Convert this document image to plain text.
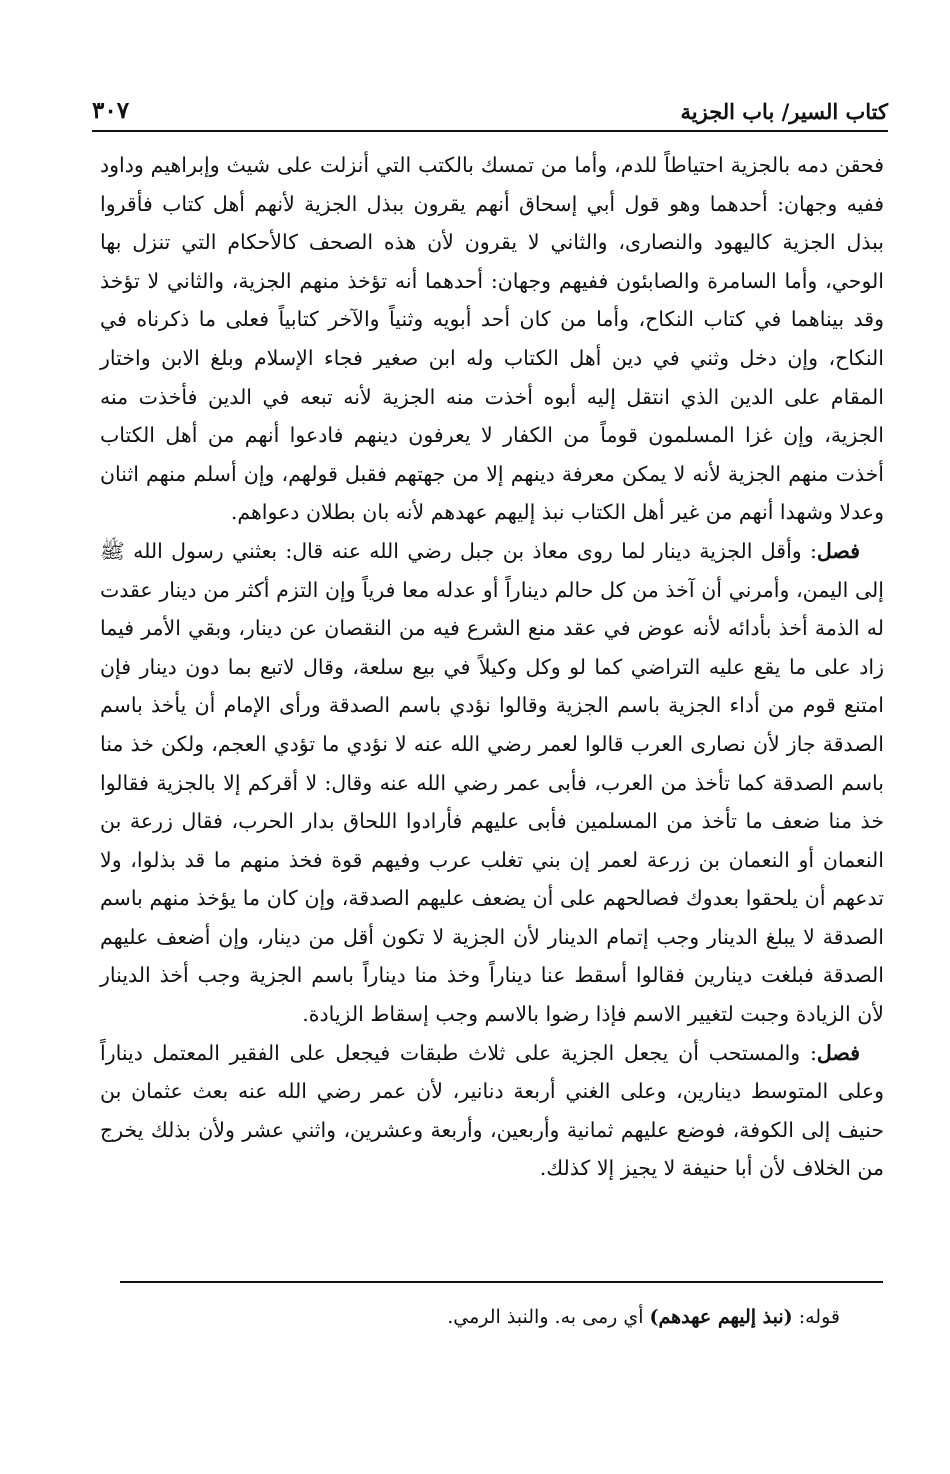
كتاب السير/ باب الجزية
٣٠٧

فحقن دمه بالجزية احتياطاً للدم، وأما من تمسك بالكتب التي أنزلت على شيث وإبراهيم وداود ففيه وجهان: أحدهما وهو قول أبي إسحاق أنهم يقرون ببذل الجزية لأنهم أهل كتاب فأقروا ببذل الجزية كاليهود والنصارى، والثاني لا يقرون لأن هذه الصحف كالأحكام التي تنزل بها الوحي، وأما السامرة والصابئون ففيهم وجهان: أحدهما أنه تؤخذ منهم الجزية، والثاني لا تؤخذ وقد بيناهما في كتاب النكاح، وأما من كان أحد أبويه وثنياً والآخر كتابياً فعلى ما ذكرناه في النكاح، وإن دخل وثني في دين أهل الكتاب وله ابن صغير فجاء الإسلام وبلغ الابن واختار المقام على الدين الذي انتقل إليه أبوه أخذت منه الجزية لأنه تبعه في الدين فأخذت منه الجزية، وإن غزا المسلمون قوماً من الكفار لا يعرفون دينهم فادعوا أنهم من أهل الكتاب أخذت منهم الجزية لأنه لا يمكن معرفة دينهم إلا من جهتهم فقبل قولهم، وإن أسلم منهم اثنان وعدلا وشهدا أنهم من غير أهل الكتاب نبذ إليهم عهدهم لأنه بان بطلان دعواهم.

فصل: وأقل الجزية دينار لما روى معاذ بن جبل رضي الله عنه قال: بعثني رسول الله ﷺ إلى اليمن، وأمرني أن آخذ من كل حالم ديناراً أو عدله معا فرياً وإن التزم أكثر من دينار عقدت له الذمة أخذ بأدائه لأنه عوض في عقد منع الشرع فيه من النقصان عن دينار، وبقي الأمر فيما زاد على ما يقع عليه التراضي كما لو وكل وكيلاً في بيع سلعة، وقال لاتبع بما دون دينار فإن امتنع قوم من أداء الجزية باسم الجزية وقالوا نؤدي باسم الصدقة ورأى الإمام أن يأخذ باسم الصدقة جاز لأن نصارى العرب قالوا لعمر رضي الله عنه لا نؤدي ما تؤدي العجم، ولكن خذ منا باسم الصدقة كما تأخذ من العرب، فأبى عمر رضي الله عنه وقال: لا أقركم إلا بالجزية فقالوا خذ منا ضعف ما تأخذ من المسلمين فأبى عليهم فأرادوا اللحاق بدار الحرب، فقال زرعة بن النعمان أو النعمان بن زرعة لعمر إن بني تغلب عرب وفيهم قوة فخذ منهم ما قد بذلوا، ولا تدعهم أن يلحقوا بعدوك فصالحهم على أن يضعف عليهم الصدقة، وإن كان ما يؤخذ منهم باسم الصدقة لا يبلغ الدينار وجب إتمام الدينار لأن الجزية لا تكون أقل من دينار، وإن أضعف عليهم الصدقة فبلغت دينارين فقالوا أسقط عنا ديناراً وخذ منا ديناراً باسم الجزية وجب أخذ الدينار لأن الزيادة وجبت لتغيير الاسم فإذا رضوا بالاسم وجب إسقاط الزيادة.

فصل: والمستحب أن يجعل الجزية على ثلاث طبقات فيجعل على الفقير المعتمل ديناراً وعلى المتوسط دينارين، وعلى الغني أربعة دنانير، لأن عمر رضي الله عنه بعث عثمان بن حنيف إلى الكوفة، فوضع عليهم ثمانية وأربعين، وأربعة وعشرين، واثني عشر ولأن بذلك يخرج من الخلاف لأن أبا حنيفة لا يجيز إلا كذلك.

قوله: (نبذ إليهم عهدهم) أي رمى به. والنبذ الرمي.
